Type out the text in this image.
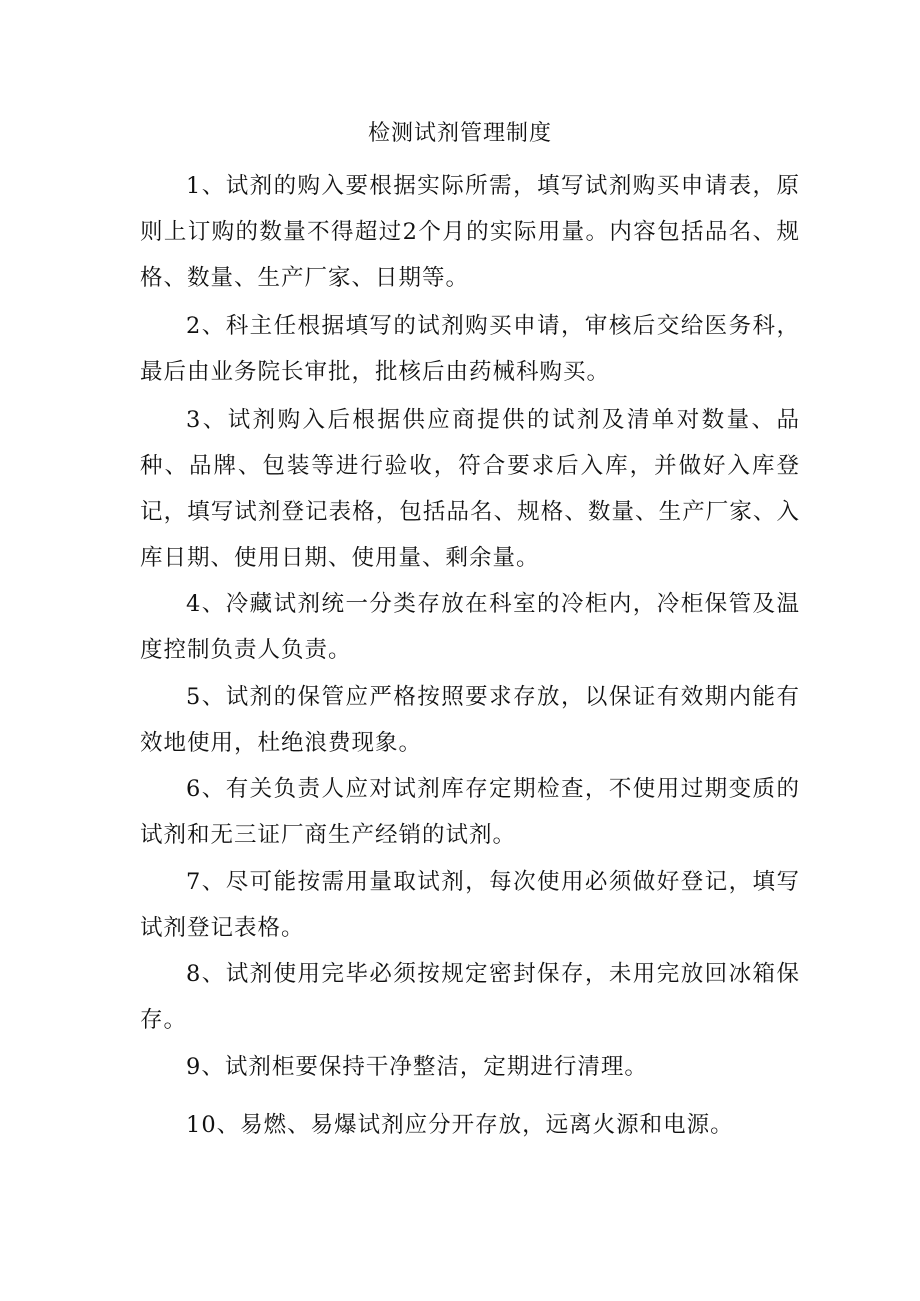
检测试剂管理制度

1、试剂的购入要根据实际所需，填写试剂购买申请表，原则上订购的数量不得超过2个月的实际用量。内容包括品名、规格、数量、生产厂家、日期等。

2、科主任根据填写的试剂购买申请，审核后交给医务科，最后由业务院长审批，批核后由药械科购买。

3、试剂购入后根据供应商提供的试剂及清单对数量、品种、品牌、包装等进行验收，符合要求后入库，并做好入库登记，填写试剂登记表格，包括品名、规格、数量、生产厂家、入库日期、使用日期、使用量、剩余量。

4、冷藏试剂统一分类存放在科室的冷柜内，冷柜保管及温度控制负责人负责。

5、试剂的保管应严格按照要求存放，以保证有效期内能有效地使用，杜绝浪费现象。

6、有关负责人应对试剂库存定期检查，不使用过期变质的试剂和无三证厂商生产经销的试剂。

7、尽可能按需用量取试剂，每次使用必须做好登记，填写试剂登记表格。

8、试剂使用完毕必须按规定密封保存，未用完放回冰箱保存。

9、试剂柜要保持干净整洁，定期进行清理。

10、易燃、易爆试剂应分开存放，远离火源和电源。
